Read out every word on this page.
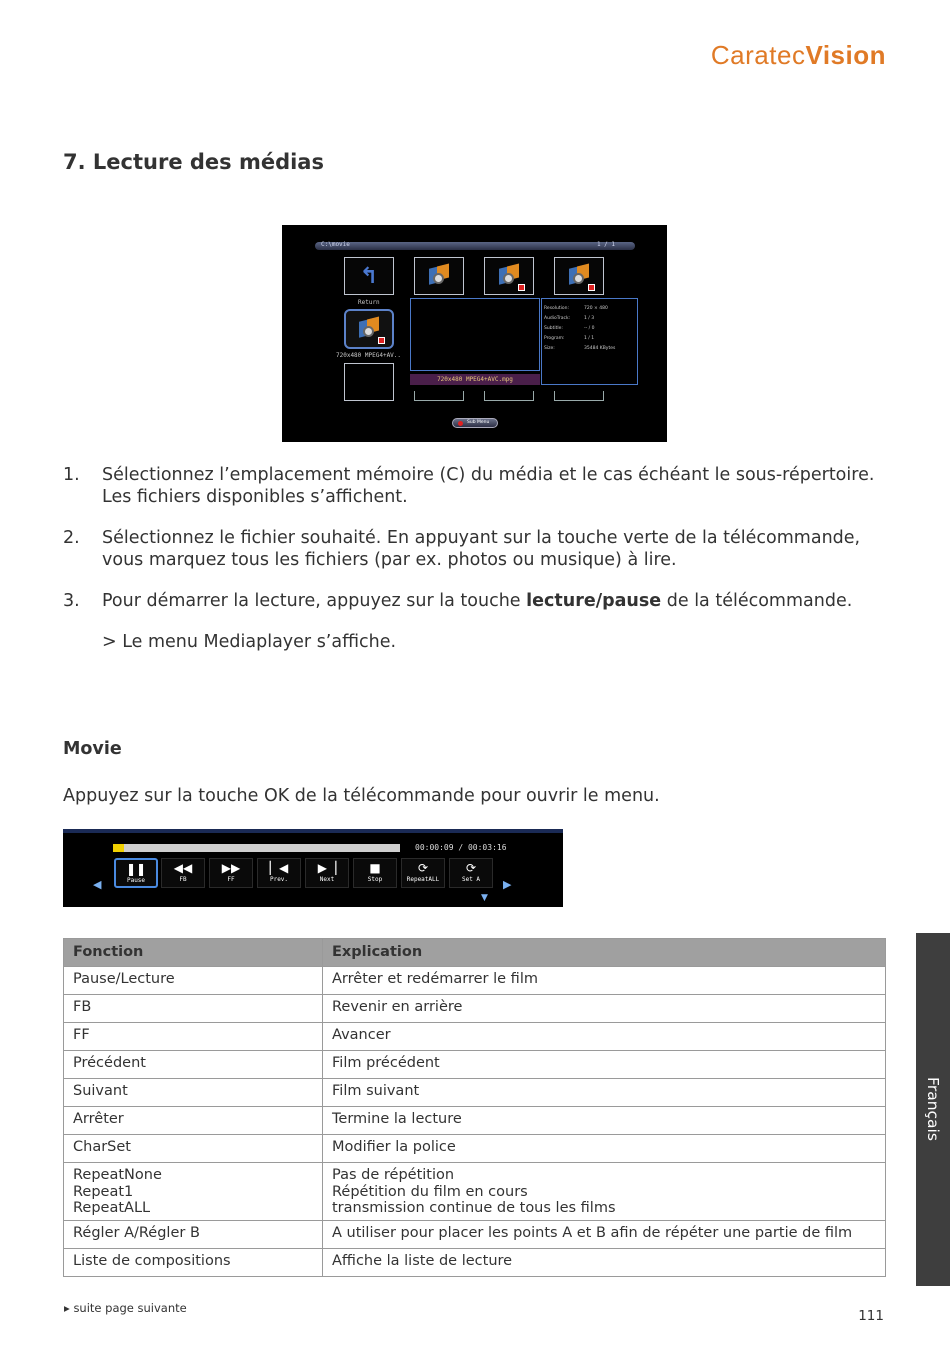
CaratecVision
7. Lecture des médias
C:\movie	1 / 1
↰
Return
720x480 MPEG4+AV..
720x480 MPEG4+AVC.mpg
Resolution:	720 × 480
AudioTrack:	1 / 3
Subtitle:	-- / 0
Program:	1 / 1
Size:	35484 KBytes
Sub Menu
1. Sélectionnez l’emplacement mémoire (C) du média et le cas échéant le sous-répertoire. Les fichiers disponibles s’affichent.
2. Sélectionnez le fichier souhaité. En appuyant sur la touche verte de la télécommande, vous marquez tous les fichiers (par ex. photos ou musique) à lire.
3. Pour démarrer la lecture, appuyez sur la touche lecture/pause de la télécommande.
> Le menu Mediaplayer s’affiche.
Movie

Appuyez sur la touche OK de la télécommande pour ouvrir le menu.

00:00:09 / 00:03:16
◀
❚❚
Pause
◀◀
FB
▶▶
FF
▏◀
Prev.
▶▕
Next
■
Stop
⟳
RepeatALL
⟳
Set A	▶
▼
Fonction	Explication
Pause/Lecture	Arrêter et redémarrer le film
FB	Revenir en arrière
FF	Avancer
Précédent	Film précédent
Suivant	Film suivant
Arrêter	Termine la lecture
CharSet	Modifier la police
RepeatNone
Repeat1
RepeatALL	Pas de répétition
Répétition du film en cours
transmission continue de tous les films
Régler A/Régler B	A utiliser pour placer les points A et B afin de répéter une partie de film
Liste de compositions	Affiche la liste de lecture
Français
▸ suite page suivante	111
